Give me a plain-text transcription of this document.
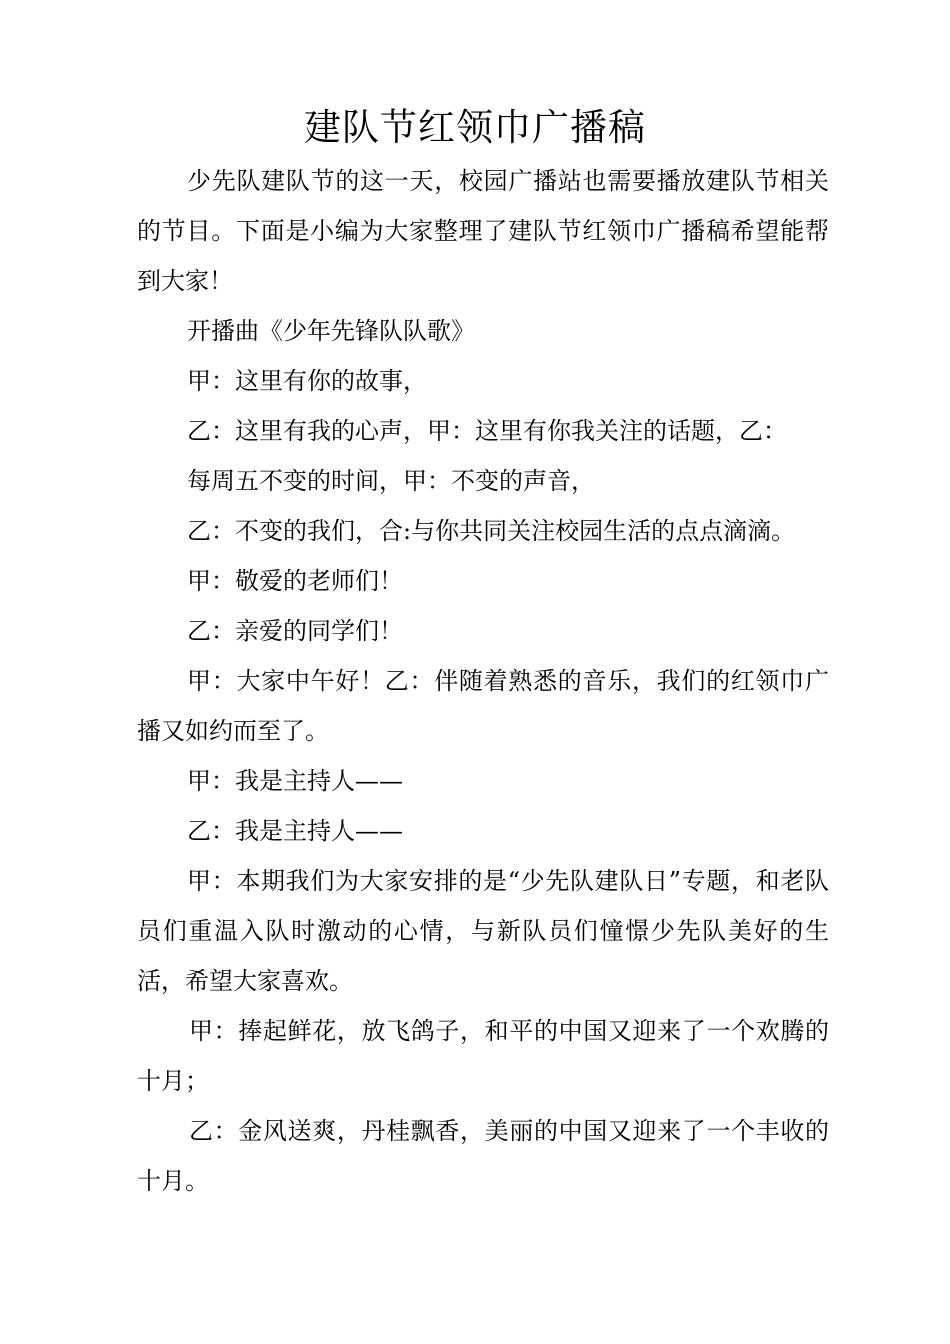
建队节红领巾广播稿

少先队建队节的这一天，校园广播站也需要播放建队节相关的节目。下面是小编为大家整理了建队节红领巾广播稿希望能帮到大家！

开播曲《少年先锋队队歌》

甲：这里有你的故事，

乙：这里有我的心声，甲：这里有你我关注的话题，乙：

每周五不变的时间，甲：不变的声音，

乙：不变的我们，合:与你共同关注校园生活的点点滴滴。

甲：敬爱的老师们！

乙：亲爱的同学们！

甲：大家中午好！乙：伴随着熟悉的音乐，我们的红领巾广播又如约而至了。

甲：我是主持人——

乙：我是主持人——

甲：本期我们为大家安排的是“少先队建队日”专题，和老队员们重温入队时激动的心情，与新队员们憧憬少先队美好的生活，希望大家喜欢。

甲：捧起鲜花，放飞鸽子，和平的中国又迎来了一个欢腾的十月；

乙：金风送爽，丹桂飘香，美丽的中国又迎来了一个丰收的十月。
